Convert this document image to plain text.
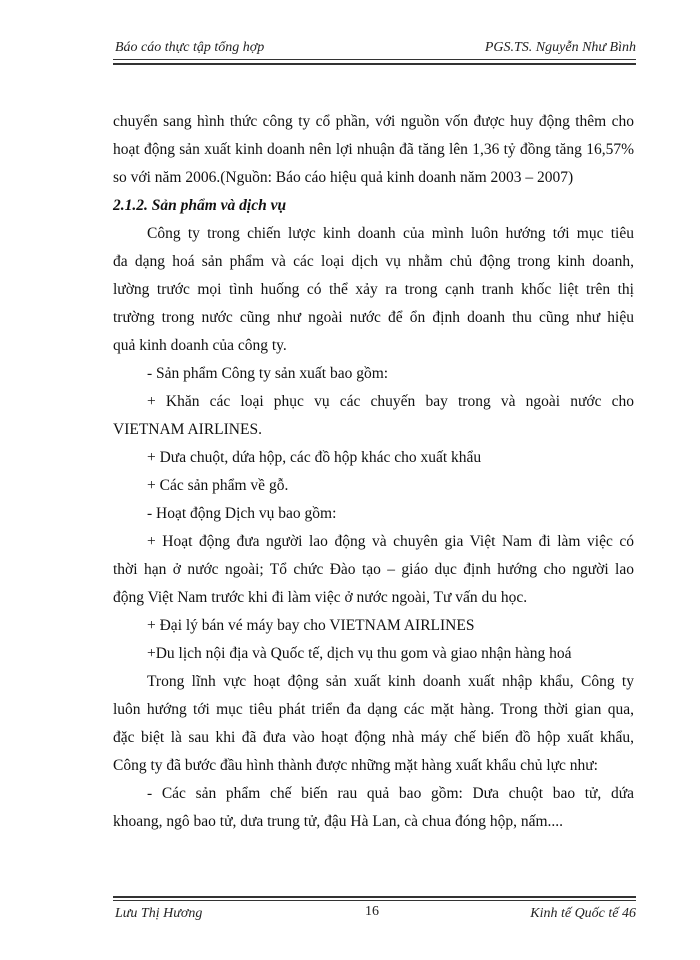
Báo cáo thực tập tổng hợp	PGS.TS. Nguyễn Như Bình
chuyển sang hình thức công ty cổ phần, với nguồn vốn được huy động thêm cho
hoạt động sản xuất kinh doanh nên lợi nhuận đã tăng lên 1,36 tỷ đồng tăng 16,57%
so với năm 2006.(Nguồn: Báo cáo hiệu quả kinh doanh năm 2003 – 2007)
2.1.2. Sản phẩm và dịch vụ
Công ty trong chiến lược kinh doanh của mình luôn hướng tới mục tiêu
đa dạng hoá sản phẩm và các loại dịch vụ nhằm chủ động trong kinh doanh,
lường trước mọi tình huống có thể xảy ra trong cạnh tranh khốc liệt trên thị
trường trong nước cũng như ngoài nước để ổn định doanh thu cũng như hiệu
quả kinh doanh của công ty.
- Sản phẩm Công ty sản xuất bao gồm:
+ Khăn các loại phục vụ các chuyến bay trong và ngoài nước cho
VIETNAM AIRLINES.
+ Dưa chuột, dứa hộp, các đồ hộp khác cho xuất khẩu
+ Các sản phẩm về gỗ.
- Hoạt động Dịch vụ bao gồm:
+ Hoạt động đưa người lao động và chuyên gia Việt Nam đi làm việc có
thời hạn ở nước ngoài; Tổ chức Đào tạo – giáo dục định hướng cho người lao
động Việt Nam trước khi đi làm việc ở nước ngoài, Tư vấn du học.
+ Đại lý bán vé máy bay cho VIETNAM AIRLINES
+Du lịch nội địa và Quốc tế, dịch vụ thu gom và giao nhận hàng hoá
Trong lĩnh vực hoạt động sản xuất kinh doanh xuất nhập khẩu, Công ty
luôn hướng tới mục tiêu phát triển đa dạng các mặt hàng. Trong thời gian qua,
đặc biệt là sau khi đã đưa vào hoạt động nhà máy chế biến đồ hộp xuất khẩu,
Công ty đã bước đầu hình thành được những mặt hàng xuất khẩu chủ lực như:
- Các sản phẩm chế biến rau quả bao gồm: Dưa chuột bao tử, dứa
khoang, ngô bao tử, dưa trung tử, đậu Hà Lan, cà chua đóng hộp, nấm....
Lưu Thị Hương	16	Kinh tế Quốc tế 46
